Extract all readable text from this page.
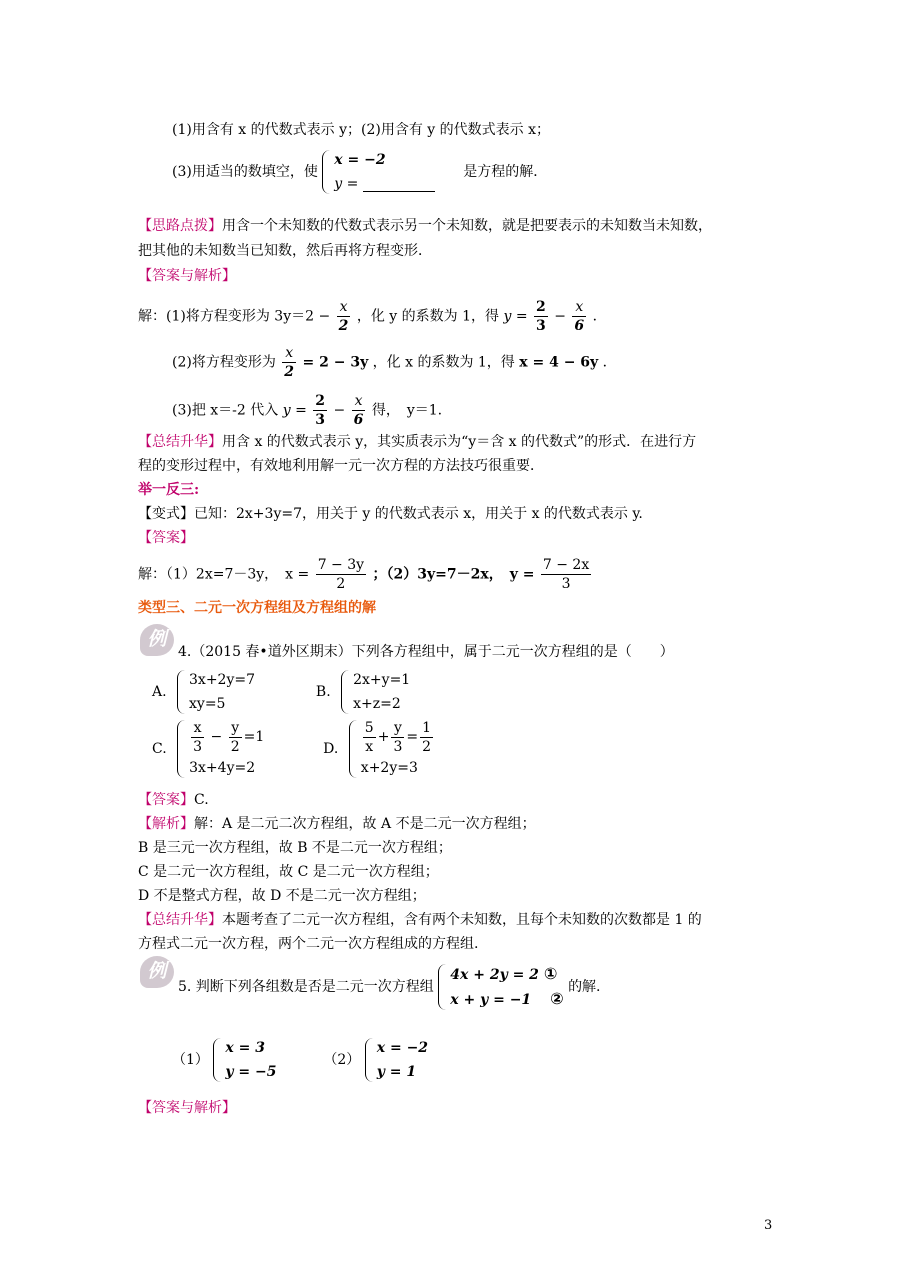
(1)用含有 x 的代数式表示 y；(2)用含有 y 的代数式表示 x；
(3)用适当的数填空，使
x = −2
y =
是方程的解．
【思路点拨】用含一个未知数的代数式表示另一个未知数，就是把要表示的未知数当未知数，
把其他的未知数当已知数，然后再将方程变形．
【答案与解析】
解：(1)将方程变形为 $3y=2 - \frac{x}{2}$ ，化 y 的系数为 1，得 $y = \frac{2}{3} - \frac{x}{6}$ ．
(2)将方程变形为 $\frac{x}{2} = 2 - 3y$ ，化 x 的系数为 1，得 x = 4 − 6y ．
(3)把 x＝-2 代入 $y = \frac{2}{3} - \frac{x}{6}$ 得，　y＝1.
【总结升华】用含 x 的代数式表示 y，其实质表示为“y＝含 x 的代数式”的形式．在进行方
程的变形过程中，有效地利用解一元一次方程的方法技巧很重要．
举一反三:
【变式】已知：2x+3y=7，用关于 y 的代数式表示 x，用关于 x 的代数式表示 y.
【答案】
解：（1）2x=7－3y，　$x = \frac{7 - 3y}{2}$ ；（2）3y=7－2x，　$y = \frac{7 - 2x}{3}$
类型三、二元一次方程组及方程组的解
例
4.（2015 春•道外区期末）下列各方程组中，属于二元一次方程组的是（　　）
A.
3x+2y=7
xy=5
B.
2x+y=1
x+z=2
C. $\frac{x}{3} - \frac{y}{2} =1$
3x+4y=2
D. $\frac{5}{x} + \frac{y}{3} = \frac{1}{2}$
x+2y=3
【答案】C.
【解析】解：A 是二元二次方程组，故 A 不是二元一次方程组；
B 是三元一次方程组，故 B 不是二元一次方程组；
C 是二元一次方程组，故 C 是二元一次方程组；
D 不是整式方程，故 D 不是二元一次方程组；
【总结升华】本题考查了二元一次方程组，含有两个未知数，且每个未知数的次数都是 1 的
方程式二元一次方程，两个二元一次方程组成的方程组.
例
5. 判断下列各组数是否是二元一次方程组
4x + 2y = 2 ①
x + y = −1 ②
的解.
（1）
x = 3
y = −5
（2）
x = −2
y = 1
【答案与解析】
3
